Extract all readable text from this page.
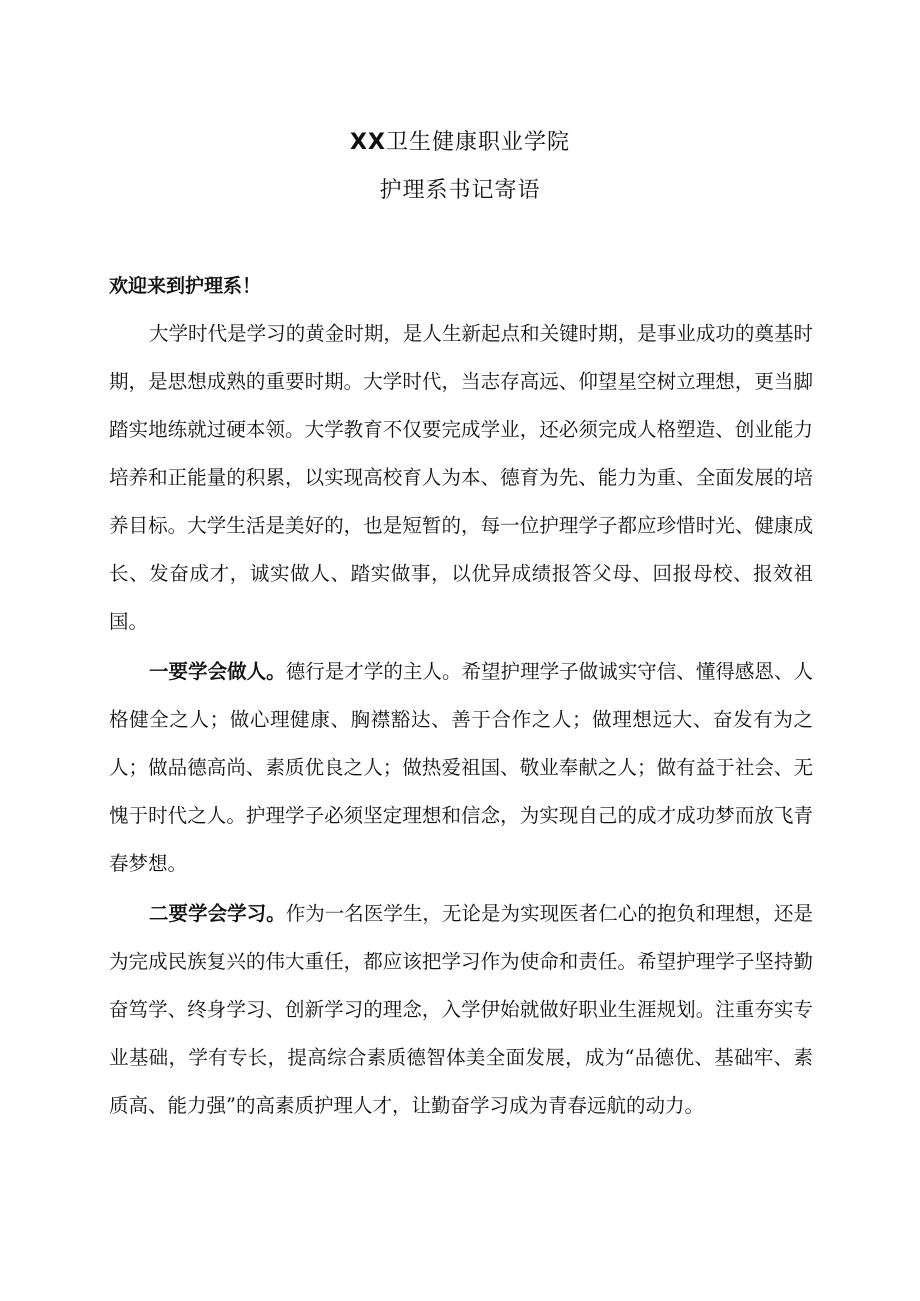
XX卫生健康职业学院
护理系书记寄语
欢迎来到护理系！

大学时代是学习的黄金时期，是人生新起点和关键时期，是事业成功的奠基时期，是思想成熟的重要时期。大学时代，当志存高远、仰望星空树立理想，更当脚踏实地练就过硬本领。大学教育不仅要完成学业，还必须完成人格塑造、创业能力培养和正能量的积累，以实现高校育人为本、德育为先、能力为重、全面发展的培养目标。大学生活是美好的，也是短暂的，每一位护理学子都应珍惜时光、健康成长、发奋成才，诚实做人、踏实做事，以优异成绩报答父母、回报母校、报效祖国。

一要学会做人。德行是才学的主人。希望护理学子做诚实守信、懂得感恩、人格健全之人；做心理健康、胸襟豁达、善于合作之人；做理想远大、奋发有为之人；做品德高尚、素质优良之人；做热爱祖国、敬业奉献之人；做有益于社会、无愧于时代之人。护理学子必须坚定理想和信念，为实现自己的成才成功梦而放飞青春梦想。

二要学会学习。作为一名医学生，无论是为实现医者仁心的抱负和理想，还是为完成民族复兴的伟大重任，都应该把学习作为使命和责任。希望护理学子坚持勤奋笃学、终身学习、创新学习的理念，入学伊始就做好职业生涯规划。注重夯实专业基础，学有专长，提高综合素质德智体美全面发展，成为“品德优、基础牢、素质高、能力强”的高素质护理人才，让勤奋学习成为青春远航的动力。
